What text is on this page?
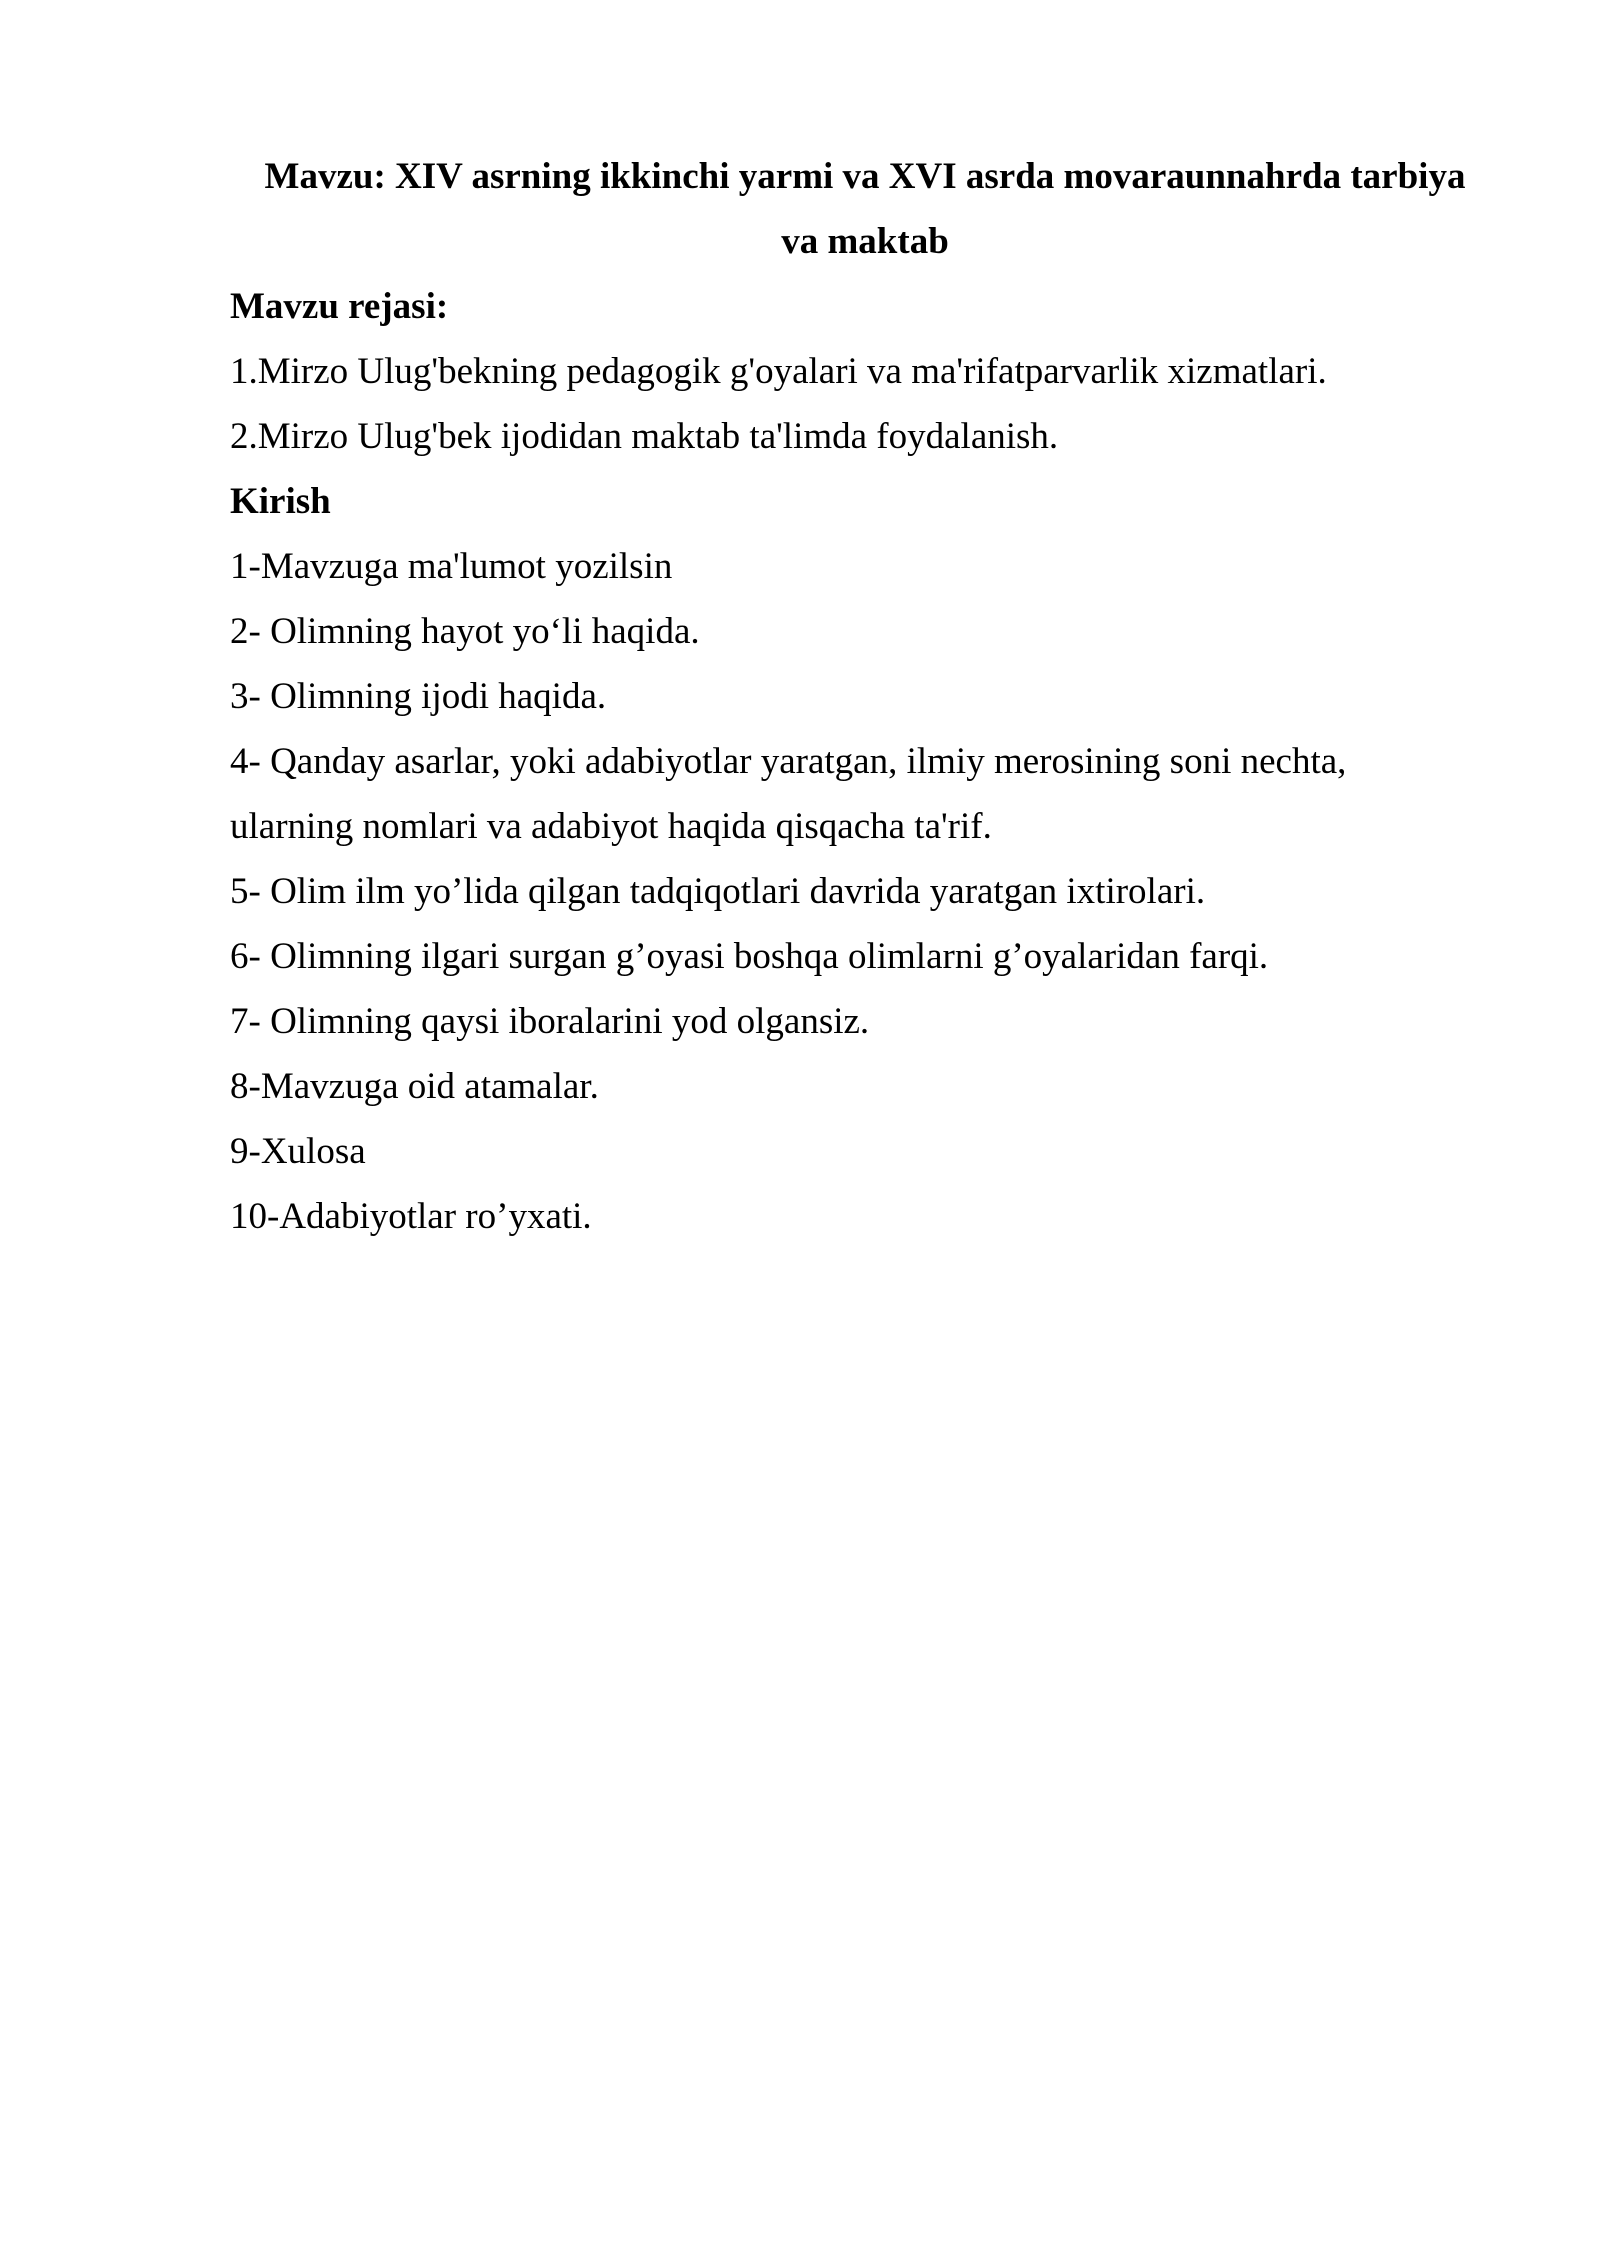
Mavzu: XIV asrning ikkinchi yarmi va XVI asrda movaraunnahrda tarbiya
va maktab

Mavzu rejasi:

1.Mirzo Ulug'bekning pedagogik g'oyalari va ma'rifatparvarlik xizmatlari.

2.Mirzo Ulug'bek ijodidan maktab ta'limda foydalanish.

Kirish

1-Mavzuga ma'lumot yozilsin

2- Olimning hayot yo‘li haqida.

3- Olimning ijodi haqida.

4- Qanday asarlar, yoki adabiyotlar yaratgan, ilmiy merosining soni nechta,

ularning nomlari va adabiyot haqida qisqacha ta'rif.

5- Olim ilm yo’lida qilgan tadqiqotlari davrida yaratgan ixtirolari.

6- Olimning ilgari surgan g’oyasi boshqa olimlarni g’oyalaridan farqi.

7- Olimning qaysi iboralarini yod olgansiz.

8-Mavzuga oid atamalar.

9-Xulosa

10-Adabiyotlar ro’yxati.
